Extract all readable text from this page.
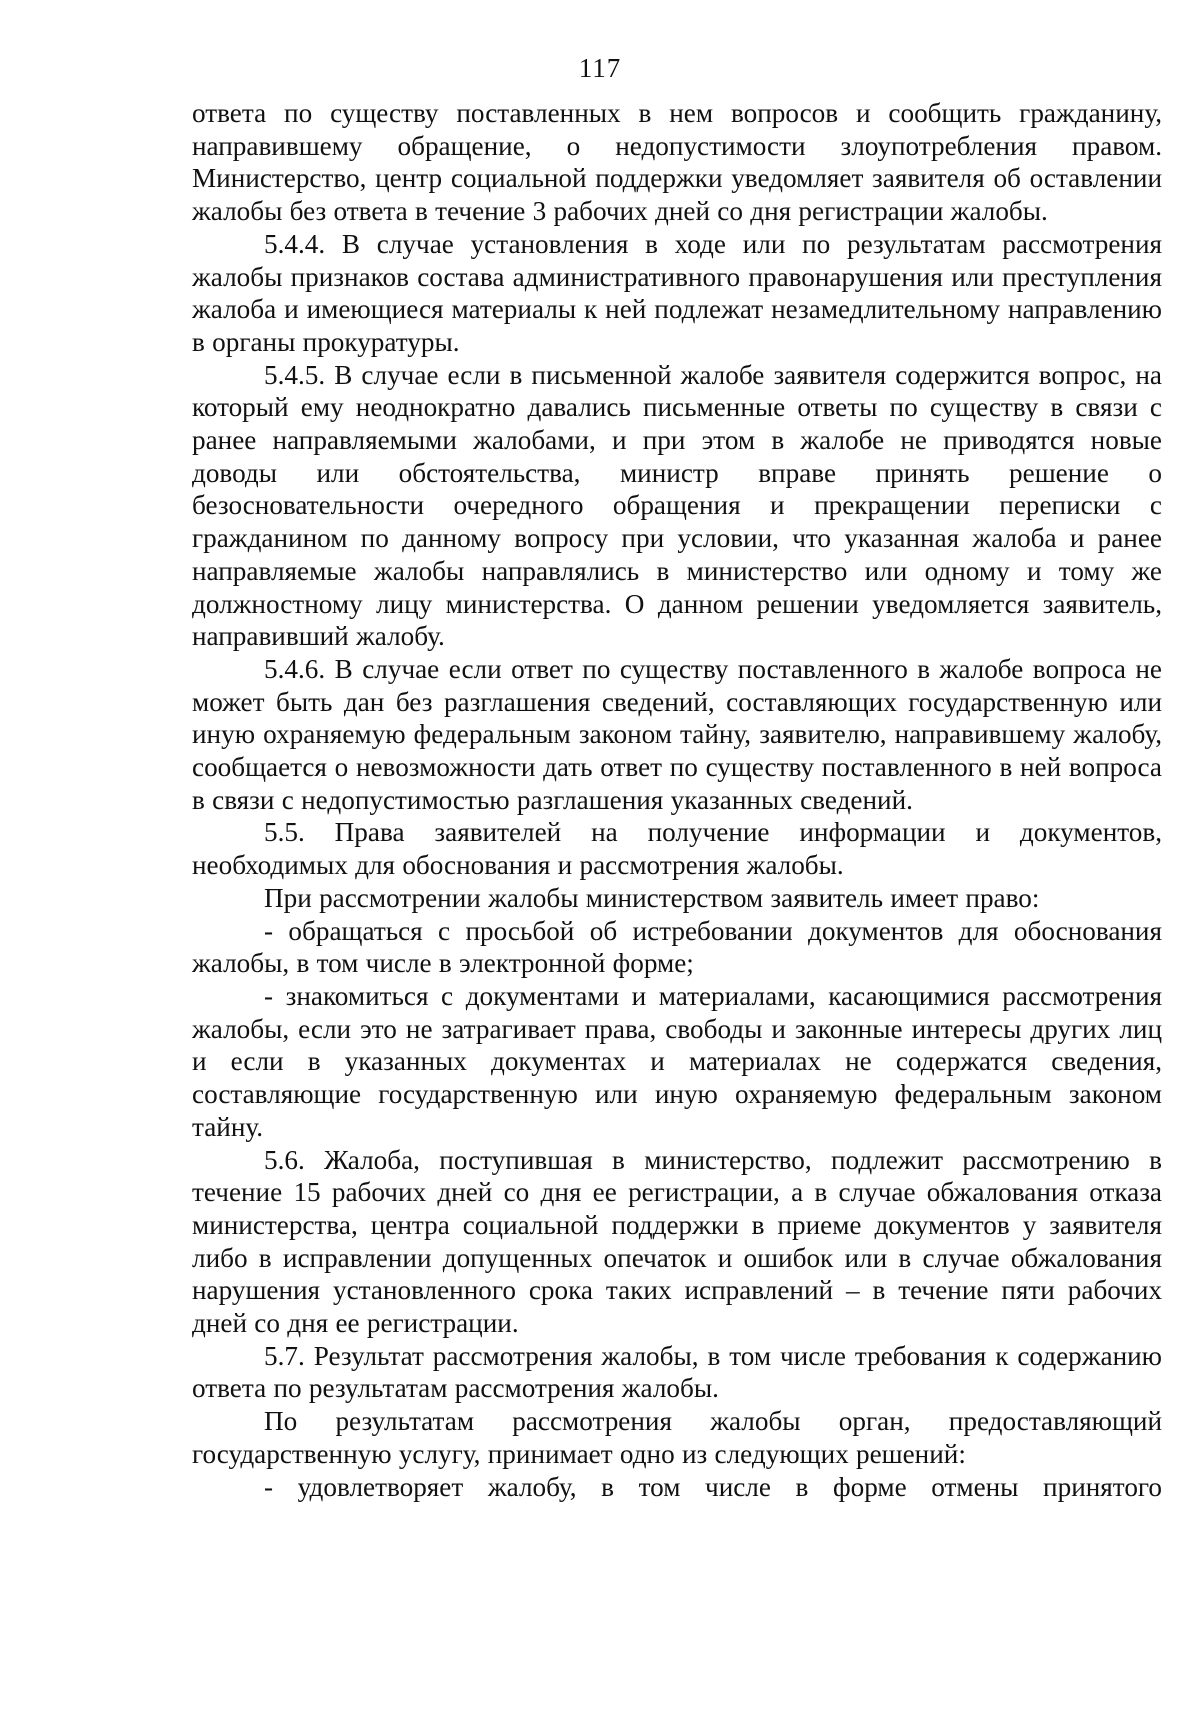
117

ответа по существу поставленных в нем вопросов и сообщить гражданину, направившему обращение, о недопустимости злоупотребления правом. Министерство, центр социальной поддержки уведомляет заявителя об оставлении жалобы без ответа в течение 3 рабочих дней со дня регистрации жалобы.

5.4.4. В случае установления в ходе или по результатам рассмотрения жалобы признаков состава административного правонарушения или преступления жалоба и имеющиеся материалы к ней подлежат незамедлительному направлению в органы прокуратуры.

5.4.5. В случае если в письменной жалобе заявителя содержится вопрос, на который ему неоднократно давались письменные ответы по существу в связи с ранее направляемыми жалобами, и при этом в жалобе не приводятся новые доводы или обстоятельства, министр вправе принять решение о безосновательности очередного обращения и прекращении переписки с гражданином по данному вопросу при условии, что указанная жалоба и ранее направляемые жалобы направлялись в министерство или одному и тому же должностному лицу министерства. О данном решении уведомляется заявитель, направивший жалобу.

5.4.6. В случае если ответ по существу поставленного в жалобе вопроса не может быть дан без разглашения сведений, составляющих государственную или иную охраняемую федеральным законом тайну, заявителю, направившему жалобу, сообщается о невозможности дать ответ по существу поставленного в ней вопроса в связи с недопустимостью разглашения указанных сведений.

5.5. Права заявителей на получение информации и документов, необходимых для обоснования и рассмотрения жалобы.

При рассмотрении жалобы министерством заявитель имеет право:

- обращаться с просьбой об истребовании документов для обоснования жалобы, в том числе в электронной форме;

- знакомиться с документами и материалами, касающимися рассмотрения жалобы, если это не затрагивает права, свободы и законные интересы других лиц и если в указанных документах и материалах не содержатся сведения, составляющие государственную или иную охраняемую федеральным законом тайну.

5.6. Жалоба, поступившая в министерство, подлежит рассмотрению в течение 15 рабочих дней со дня ее регистрации, а в случае обжалования отказа министерства, центра социальной поддержки в приеме документов у заявителя либо в исправлении допущенных опечаток и ошибок или в случае обжалования нарушения установленного срока таких исправлений – в течение пяти рабочих дней со дня ее регистрации.

5.7. Результат рассмотрения жалобы, в том числе требования к содержанию ответа по результатам рассмотрения жалобы.

По результатам рассмотрения жалобы орган, предоставляющий государственную услугу, принимает одно из следующих решений:

- удовлетворяет жалобу, в том числе в форме отмены принятого
